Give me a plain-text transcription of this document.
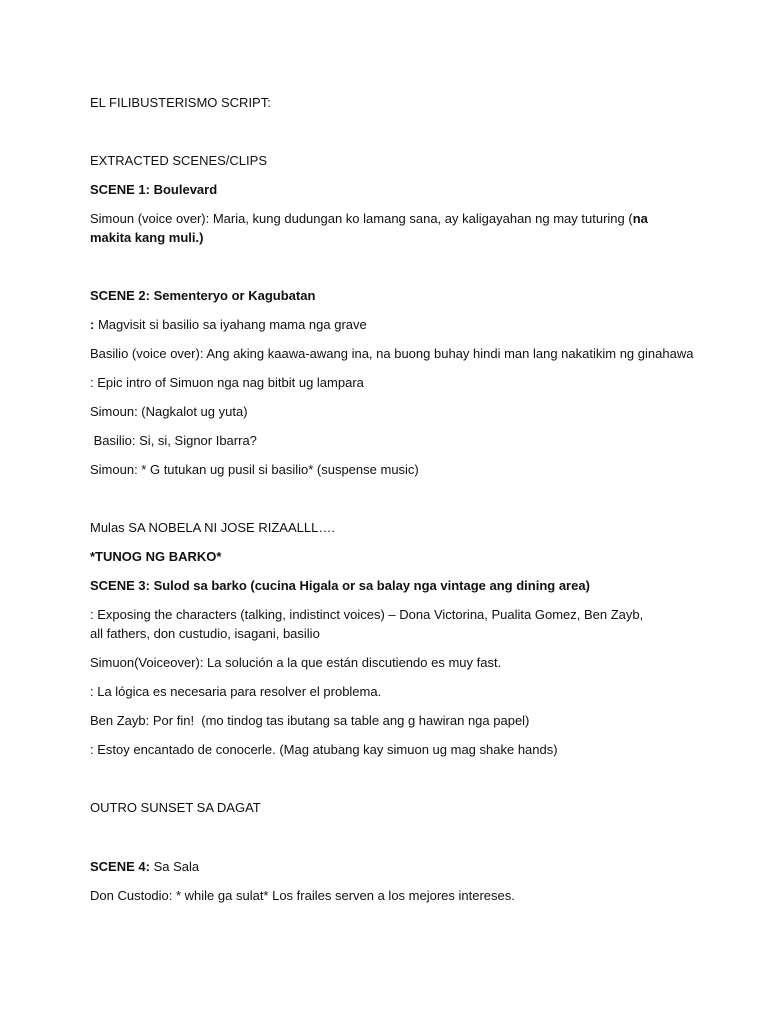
EL FILIBUSTERISMO SCRIPT:
EXTRACTED SCENES/CLIPS
SCENE 1: Boulevard
Simoun (voice over): Maria, kung dudungan ko lamang sana, ay kaligayahan ng may tuturing (na makita kang muli.)
SCENE 2: Sementeryo or Kagubatan
: Magvisit si basilio sa iyahang mama nga grave
Basilio (voice over): Ang aking kaawa-awang ina, na buong buhay hindi man lang nakatikim ng ginahawa
: Epic intro of Simuon nga nag bitbit ug lampara
Simoun: (Nagkalot ug yuta)
Basilio: Si, si, Signor Ibarra?
Simoun: * G tutukan ug pusil si basilio* (suspense music)
Mulas SA NOBELA NI JOSE RIZAALLL….
*TUNOG NG BARKO*
SCENE 3: Sulod sa barko (cucina Higala or sa balay nga vintage ang dining area)
: Exposing the characters (talking, indistinct voices) – Dona Victorina, Pualita Gomez, Ben Zayb, all fathers, don custudio, isagani, basilio
Simuon(Voiceover): La solución a la que están discutiendo es muy fast.
: La lógica es necesaria para resolver el problema.
Ben Zayb: Por fin!  (mo tindog tas ibutang sa table ang g hawiran nga papel)
: Estoy encantado de conocerle. (Mag atubang kay simuon ug mag shake hands)
OUTRO SUNSET SA DAGAT
SCENE 4: Sa Sala
Don Custodio: * while ga sulat* Los frailes serven a los mejores intereses.
